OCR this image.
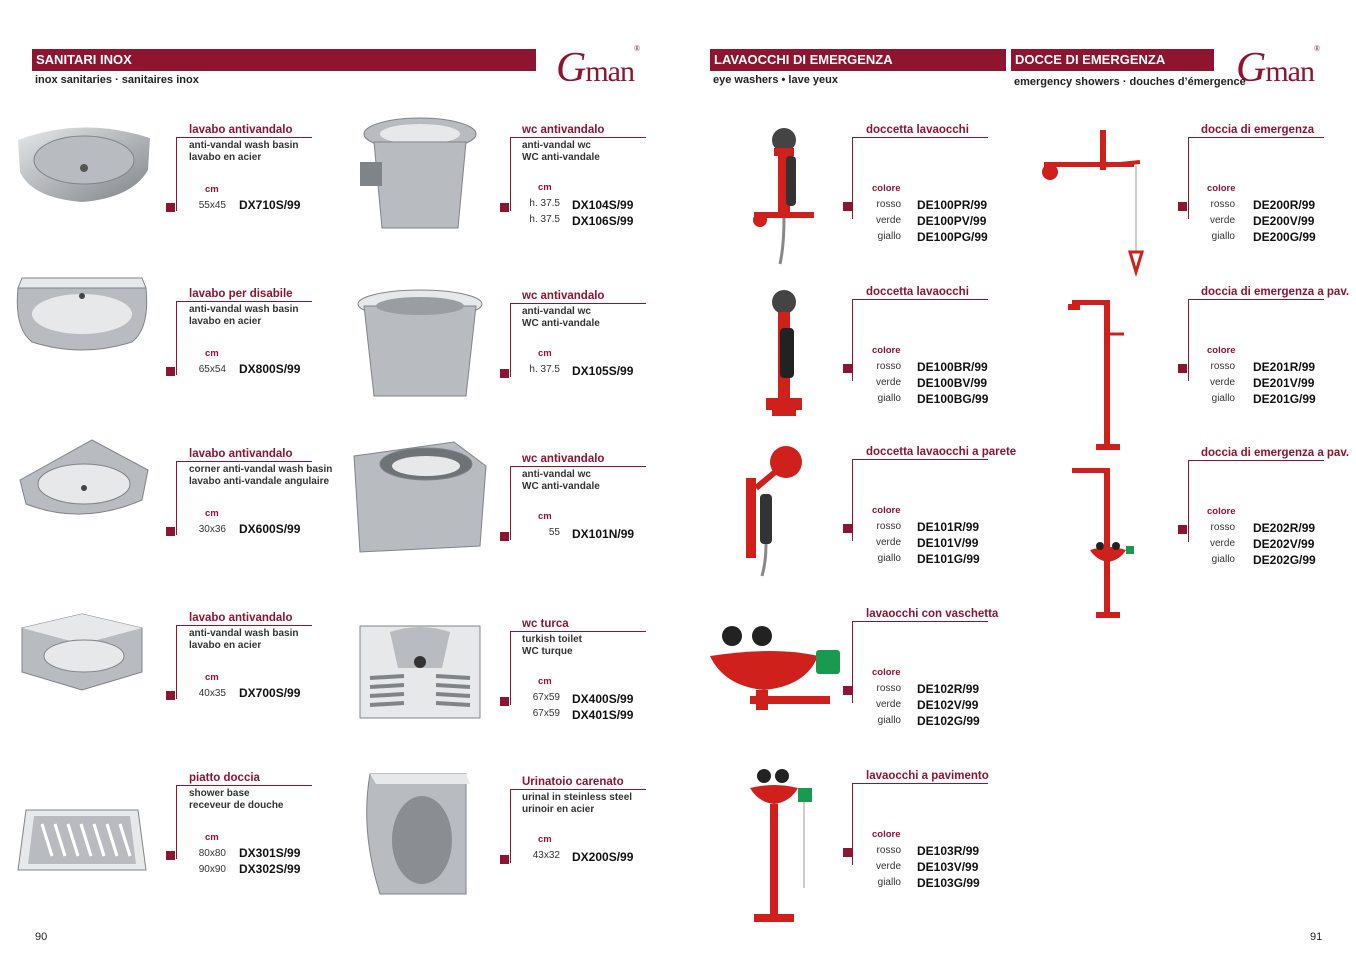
SANITARI INOX
inox sanitaries · sanitaires inox	Gman®
LAVAOCCHI DI EMERGENZA
eye washers • lave yeux
DOCCE DI EMERGENZA
emergency showers · douches d’émergence
Gman®
lavabo antivandalo
anti-vandal wash basin
lavabo en acier
cm
55x45 DX710S/99
lavabo per disabile
anti-vandal wash basin
lavabo en acier
cm
65x54 DX800S/99
lavabo antivandalo
corner anti-vandal wash basin
lavabo anti-vandale angulaire
cm
30x36 DX600S/99
lavabo antivandalo
anti-vandal wash basin
lavabo en acier
cm
40x35 DX700S/99
piatto doccia
shower base
receveur de douche
cm
80x80 DX301S/99
90x90 DX302S/99
wc antivandalo
anti-vandal wc
WC anti-vandale
cm
h. 37.5 DX104S/99
h. 37.5 DX106S/99
wc antivandalo
anti-vandal wc
WC anti-vandale
cm
h. 37.5 DX105S/99
wc antivandalo
anti-vandal wc
WC anti-vandale
cm
55 DX101N/99
wc turca
turkish toilet
WC turque
cm
67x59 DX400S/99
67x59 DX401S/99
Urinatoio carenato
urinal in steinless steel
urinoir en acier
cm
43x32 DX200S/99
doccetta lavaocchi
colore
rosso DE100PR/99
verde DE100PV/99
giallo DE100PG/99
doccetta lavaocchi
colore
rosso DE100BR/99
verde DE100BV/99
giallo DE100BG/99
doccetta lavaocchi a parete
colore
rosso DE101R/99
verde DE101V/99
giallo DE101G/99
lavaocchi con vaschetta
colore
rosso DE102R/99
verde DE102V/99
giallo DE102G/99
lavaocchi a pavimento
colore
rosso DE103R/99
verde DE103V/99
giallo DE103G/99
doccia di emergenza
colore
rosso DE200R/99
verde DE200V/99
giallo DE200G/99
doccia di emergenza a pav.
colore
rosso DE201R/99
verde DE201V/99
giallo DE201G/99
doccia di emergenza a pav.
colore
rosso DE202R/99
verde DE202V/99
giallo DE202G/99
90	91
